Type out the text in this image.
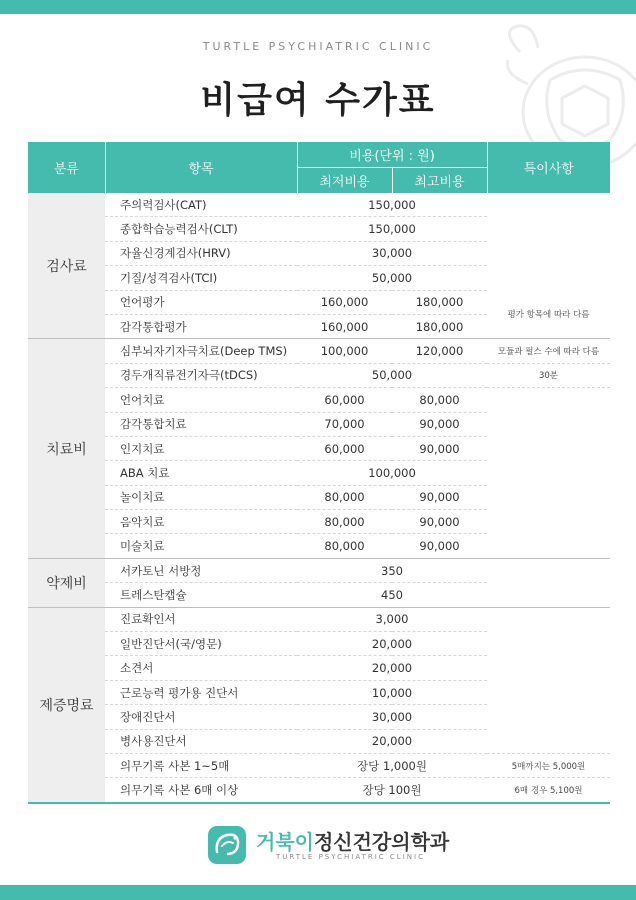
TURTLE PSYCHIATRIC CLINIC
비급여 수가표
분류	항목	비용(단위 : 원)		특이사항
		최저비용	최고비용	
검사료	주의력검사(CAT)	150,000		
	종합학습능력검사(CLT)	150,000		
	자율신경계검사(HRV)	30,000		
	기질/성격검사(TCI)	50,000		
	언어평가	160,000	180,000	평가 항목에 따라 다름
	감각통합평가	160,000	180,000	
치료비	심부뇌자기자극치료(Deep TMS)	100,000	120,000	모듈과 펄스 수에 따라 다름
	경두개직류전기자극(tDCS)	50,000		30분
	언어치료	60,000	80,000	
	감각통합치료	70,000	90,000	
	인지치료	60,000	90,000	
	ABA 치료	100,000		
	놀이치료	80,000	90,000	
	음악치료	80,000	90,000	
	미술치료	80,000	90,000	
약제비	서카토닌 서방정	350		
	트레스탄캡슐	450		
제증명료	진료확인서	3,000		
	일반진단서(국/영문)	20,000		
	소견서	20,000		
	근로능력 평가용 진단서	10,000		
	장애진단서	30,000		
	병사용진단서	20,000		
	의무기록 사본 1~5매	장당 1,000원		5매까지는 5,000원
	의무기록 사본 6매 이상	장당 100원		6매 경우 5,100원
거북이정신건강의학과
TURTLE PSYCHIATRIC CLINIC
